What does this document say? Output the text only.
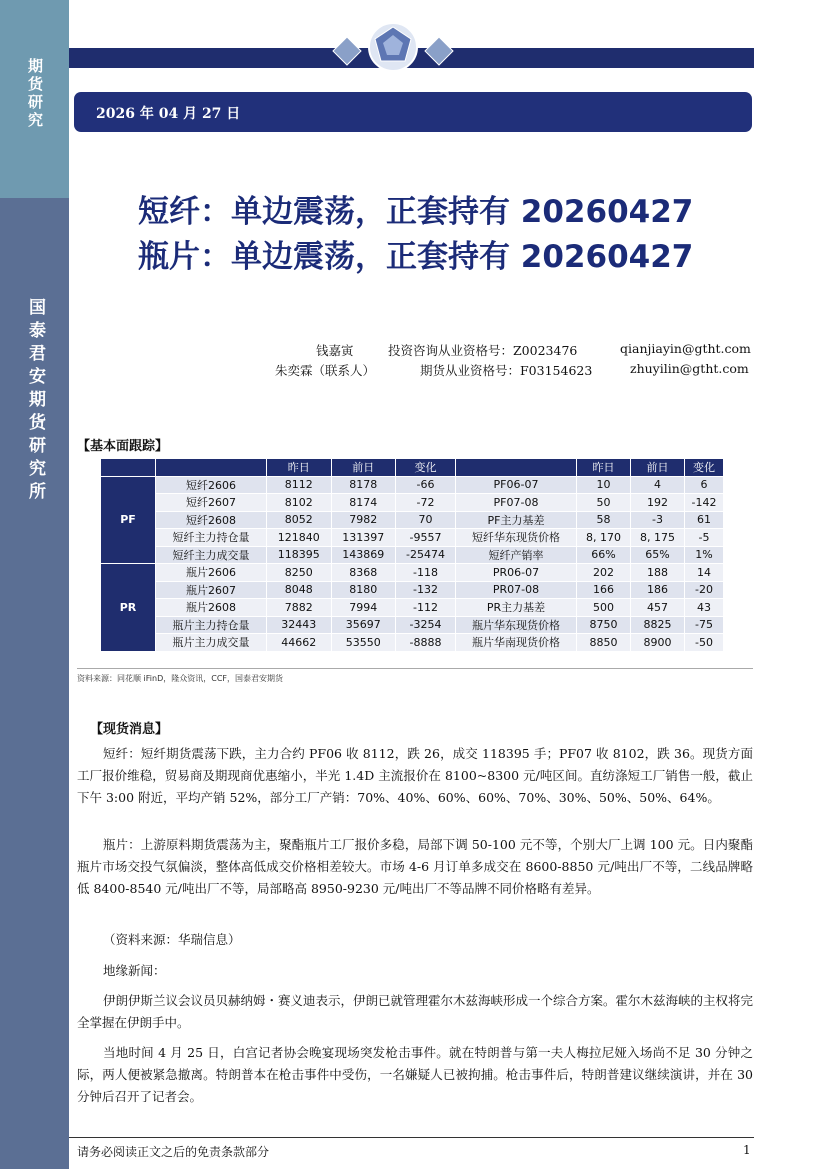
期货研究
国泰君安期货研究所
2026 年 04 月 27 日
短纤：单边震荡，正套持有 20260427
瓶片：单边震荡，正套持有 20260427
钱嘉寅	投资咨询从业资格号：Z0023476	qianjiayin@gtht.com
朱奕霖（联系人）	期货从业资格号：F03154623	zhuyilin@gtht.com
【基本面跟踪】
		昨日	前日	变化		昨日	前日	变化
PF	短纤2606	8112	8178	-66	PF06-07	10	4	6
	短纤2607	8102	8174	-72	PF07-08	50	192	-142
	短纤2608	8052	7982	70	PF主力基差	58	-3	61
	短纤主力持仓量	121840	131397	-9557	短纤华东现货价格	8, 170	8, 175	-5
	短纤主力成交量	118395	143869	-25474	短纤产销率	66%	65%	1%
PR	瓶片2606	8250	8368	-118	PR06-07	202	188	14
	瓶片2607	8048	8180	-132	PR07-08	166	186	-20
	瓶片2608	7882	7994	-112	PR主力基差	500	457	43
	瓶片主力持仓量	32443	35697	-3254	瓶片华东现货价格	8750	8825	-75
	瓶片主力成交量	44662	53550	-8888	瓶片华南现货价格	8850	8900	-50
资料来源：同花顺 iFinD，隆众资讯，CCF，国泰君安期货
【现货消息】
短纤：短纤期货震荡下跌，主力合约 PF06 收 8112，跌 26，成交 118395 手；PF07 收 8102，跌 36。现货方面工厂报价维稳，贸易商及期现商优惠缩小，半光 1.4D 主流报价在 8100~8300 元/吨区间。直纺涤短工厂销售一般，截止下午 3:00 附近，平均产销 52%，部分工厂产销：70%、40%、60%、60%、70%、30%、50%、50%、64%。
瓶片：上游原料期货震荡为主，聚酯瓶片工厂报价多稳，局部下调 50-100 元不等，个别大厂上调 100 元。日内聚酯瓶片市场交投气氛偏淡，整体高低成交价格相差较大。市场 4-6 月订单多成交在 8600-8850 元/吨出厂不等，二线品牌略低 8400-8540 元/吨出厂不等，局部略高 8950-9230 元/吨出厂不等品牌不同价格略有差异。
（资料来源：华瑞信息）
地缘新闻：
伊朗伊斯兰议会议员贝赫纳姆・赛义迪表示，伊朗已就管理霍尔木兹海峡形成一个综合方案。霍尔木兹海峡的主权将完全掌握在伊朗手中。
当地时间 4 月 25 日，白宫记者协会晚宴现场突发枪击事件。就在特朗普与第一夫人梅拉尼娅入场尚不足 30 分钟之际，两人便被紧急撤离。特朗普本在枪击事件中受伤，一名嫌疑人已被拘捕。枪击事件后，特朗普建议继续演讲，并在 30 分钟后召开了记者会。
请务必阅读正文之后的免责条款部分	1
